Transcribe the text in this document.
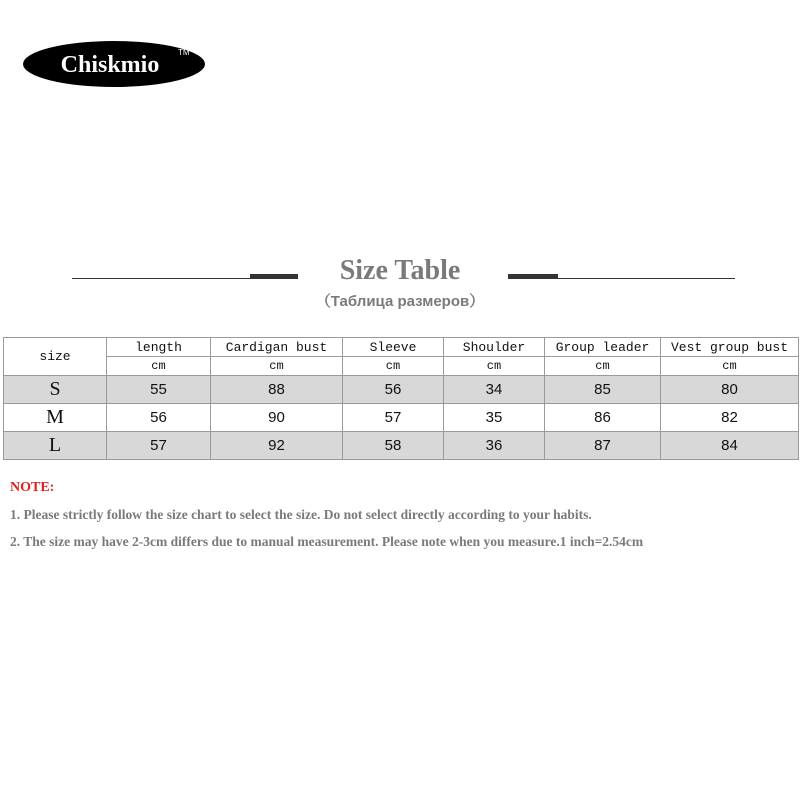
Chiskmio TM
Size Table
（Таблица размеров）
size	length	Cardigan bust	Sleeve	Shoulder	Group leader	Vest group bust
	cm	cm	cm	cm	cm	cm
S	55	88	56	34	85	80
M	56	90	57	35	86	82
L	57	92	58	36	87	84
NOTE:
1. Please strictly follow the size chart to select the size. Do not select directly according to your habits.
2. The size may have 2-3cm differs due to manual measurement. Please note when you measure.1 inch=2.54cm
